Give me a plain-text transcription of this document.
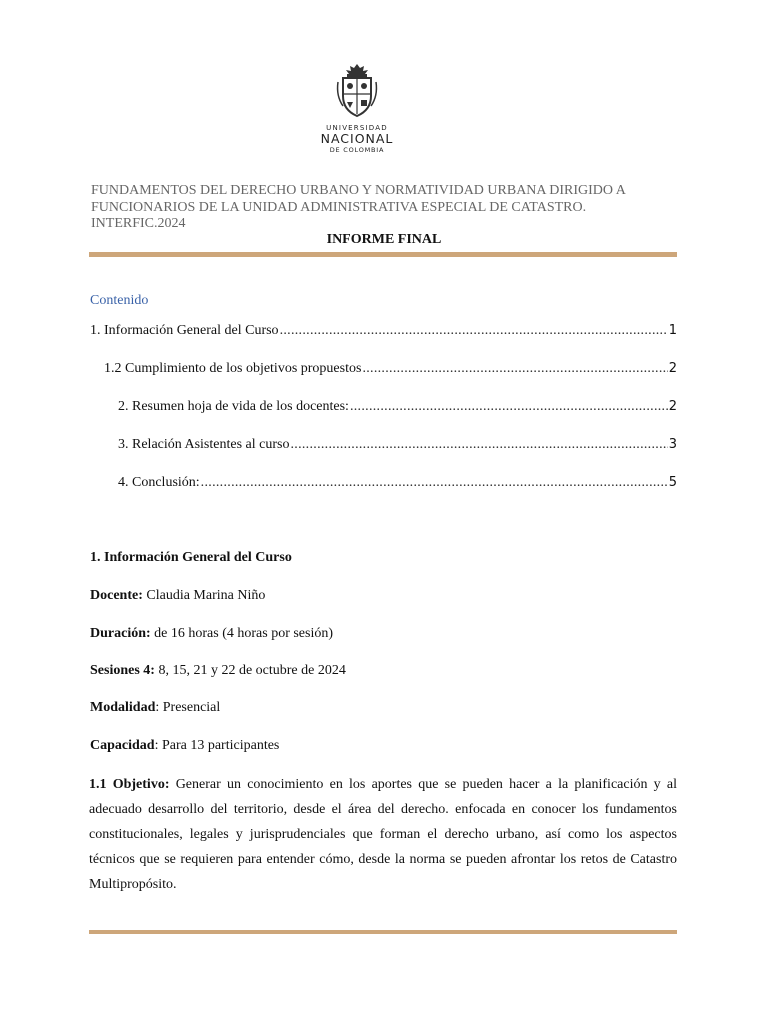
UNIVERSIDAD
NACIONAL
DE COLOMBIA
FUNDAMENTOS DEL DERECHO URBANO Y NORMATIVIDAD URBANA DIRIGIDO A FUNCIONARIOS DE LA UNIDAD ADMINISTRATIVA ESPECIAL DE CATASTRO. INTERFIC.2024
INFORME FINAL
Contenido
1. Información General del Curso .....	1
1.2 Cumplimiento de los objetivos propuestos .....	2
2. Resumen hoja de vida de los docentes: .....	2
3. Relación Asistentes al curso .....	3
4. Conclusión: .....	5
1. Información General del Curso
Docente: Claudia Marina Niño
Duración: de 16 horas (4 horas por sesión)
Sesiones 4: 8, 15, 21 y 22 de octubre de 2024
Modalidad: Presencial
Capacidad: Para 13 participantes
1.1 Objetivo: Generar un conocimiento en los aportes que se pueden hacer a la planificación y al adecuado desarrollo del territorio, desde el área del derecho. enfocada en conocer los fundamentos constitucionales, legales y jurisprudenciales que forman el derecho urbano, así como los aspectos técnicos que se requieren para entender cómo, desde la norma se pueden afrontar los retos de Catastro Multipropósito.
